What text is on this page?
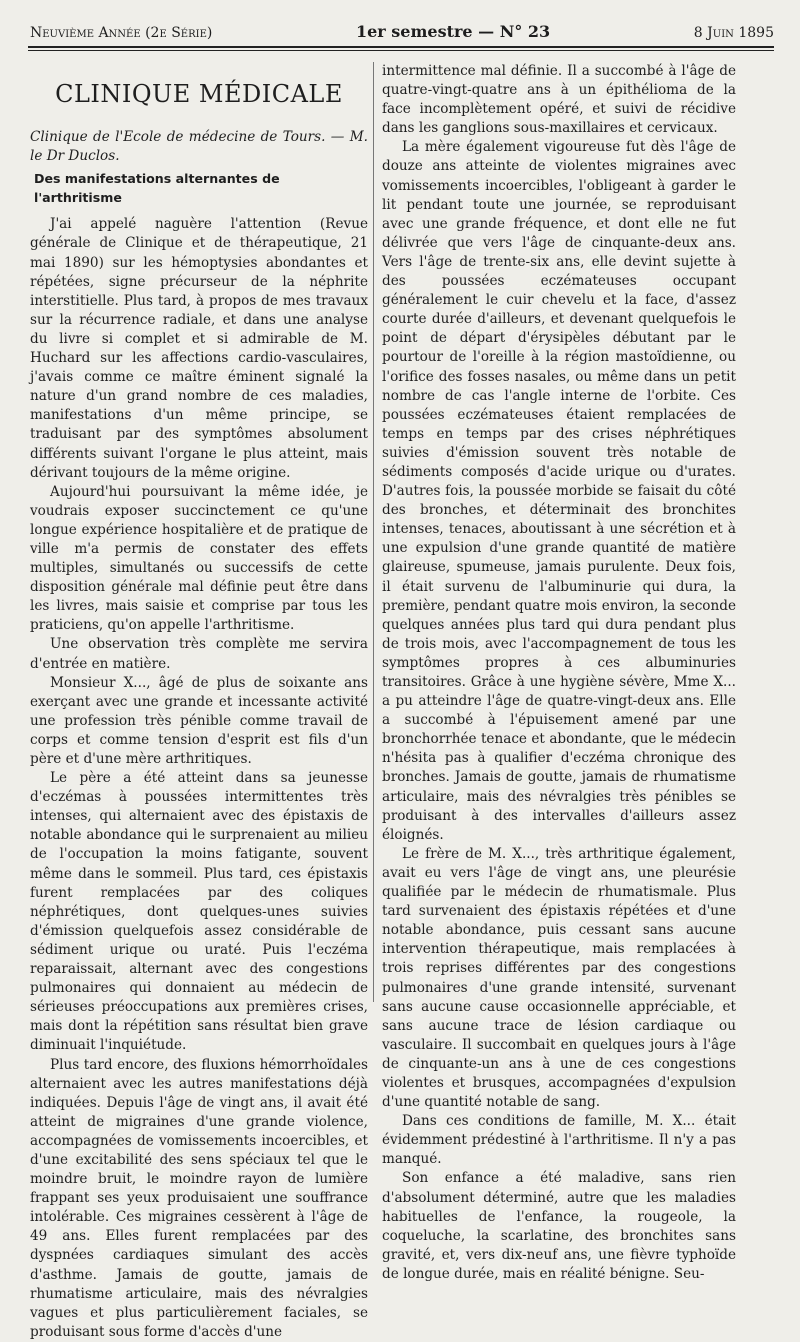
Neuvième Année (2e Série)	1er semestre — N° 23	8 Juin 1895
CLINIQUE MÉDICALE

Clinique de l'Ecole de médecine de Tours. — M. le Dr Duclos.

Des manifestations alternantes de l'arthritisme

J'ai appelé naguère l'attention (Revue générale de Clinique et de thérapeutique, 21 mai 1890) sur les hémoptysies abondantes et répétées, signe précurseur de la néphrite interstitielle. Plus tard, à propos de mes travaux sur la récurrence radiale, et dans une analyse du livre si complet et si admirable de M. Huchard sur les affections cardio-vasculaires, j'avais comme ce maître éminent signalé la nature d'un grand nombre de ces maladies, manifestations d'un même principe, se traduisant par des symptômes absolument différents suivant l'organe le plus atteint, mais dérivant toujours de la même origine.

Aujourd'hui poursuivant la même idée, je voudrais exposer succinctement ce qu'une longue expérience hospitalière et de pratique de ville m'a permis de constater des effets multiples, simultanés ou successifs de cette disposition générale mal définie peut être dans les livres, mais saisie et comprise par tous les praticiens, qu'on appelle l'arthritisme.

Une observation très complète me servira d'entrée en matière.

Monsieur X..., âgé de plus de soixante ans exerçant avec une grande et incessante activité une profession très pénible comme travail de corps et comme tension d'esprit est fils d'un père et d'une mère arthritiques.

Le père a été atteint dans sa jeunesse d'eczémas à poussées intermittentes très intenses, qui alternaient avec des épistaxis de notable abondance qui le surprenaient au milieu de l'occupation la moins fatigante, souvent même dans le sommeil. Plus tard, ces épistaxis furent remplacées par des coliques néphrétiques, dont quelques-unes suivies d'émission quelquefois assez considérable de sédiment urique ou uraté. Puis l'eczéma reparaissait, alternant avec des congestions pulmonaires qui donnaient au médecin de sérieuses préoccupations aux premières crises, mais dont la répétition sans résultat bien grave diminuait l'inquiétude.

Plus tard encore, des fluxions hémorrhoïdales alternaient avec les autres manifestations déjà indiquées. Depuis l'âge de vingt ans, il avait été atteint de migraines d'une grande violence, accompagnées de vomissements incoercibles, et d'une excitabilité des sens spéciaux tel que le moindre bruit, le moindre rayon de lumière frappant ses yeux produisaient une souffrance intolérable. Ces migraines cessèrent à l'âge de 49 ans. Elles furent remplacées par des dyspnées cardiaques simulant des accès d'asthme. Jamais de goutte, jamais de rhumatisme articulaire, mais des névralgies vagues et plus particulièrement faciales, se produisant sous forme d'accès d'une

intermittence mal définie. Il a succombé à l'âge de quatre-vingt-quatre ans à un épithélioma de la face incomplètement opéré, et suivi de récidive dans les ganglions sous-maxillaires et cervicaux.

La mère également vigoureuse fut dès l'âge de douze ans atteinte de violentes migraines avec vomissements incoercibles, l'obligeant à garder le lit pendant toute une journée, se reproduisant avec une grande fréquence, et dont elle ne fut délivrée que vers l'âge de cinquante-deux ans. Vers l'âge de trente-six ans, elle devint sujette à des poussées eczémateuses occupant généralement le cuir chevelu et la face, d'assez courte durée d'ailleurs, et devenant quelquefois le point de départ d'érysipèles débutant par le pourtour de l'oreille à la région mastoïdienne, ou l'orifice des fosses nasales, ou même dans un petit nombre de cas l'angle interne de l'orbite. Ces poussées eczémateuses étaient remplacées de temps en temps par des crises néphrétiques suivies d'émission souvent très notable de sédiments composés d'acide urique ou d'urates. D'autres fois, la poussée morbide se faisait du côté des bronches, et déterminait des bronchites intenses, tenaces, aboutissant à une sécrétion et à une expulsion d'une grande quantité de matière glaireuse, spumeuse, jamais purulente. Deux fois, il était survenu de l'albuminurie qui dura, la première, pendant quatre mois environ, la seconde quelques années plus tard qui dura pendant plus de trois mois, avec l'accompagnement de tous les symptômes propres à ces albuminuries transitoires. Grâce à une hygiène sévère, Mme X... a pu atteindre l'âge de quatre-vingt-deux ans. Elle a succombé à l'épuisement amené par une bronchorrhée tenace et abondante, que le médecin n'hésita pas à qualifier d'eczéma chronique des bronches. Jamais de goutte, jamais de rhumatisme articulaire, mais des névralgies très pénibles se produisant à des intervalles d'ailleurs assez éloignés.

Le frère de M. X..., très arthritique également, avait eu vers l'âge de vingt ans, une pleurésie qualifiée par le médecin de rhumatismale. Plus tard survenaient des épistaxis répétées et d'une notable abondance, puis cessant sans aucune intervention thérapeutique, mais remplacées à trois reprises différentes par des congestions pulmonaires d'une grande intensité, survenant sans aucune cause occasionnelle appréciable, et sans aucune trace de lésion cardiaque ou vasculaire. Il succombait en quelques jours à l'âge de cinquante-un ans à une de ces congestions violentes et brusques, accompagnées d'expulsion d'une quantité notable de sang.

Dans ces conditions de famille, M. X... était évidemment prédestiné à l'arthritisme. Il n'y a pas manqué.

Son enfance a été maladive, sans rien d'absolument déterminé, autre que les maladies habituelles de l'enfance, la rougeole, la coqueluche, la scarlatine, des bronchites sans gravité, et, vers dix-neuf ans, une fièvre typhoïde de longue durée, mais en réalité bénigne. Seu-
